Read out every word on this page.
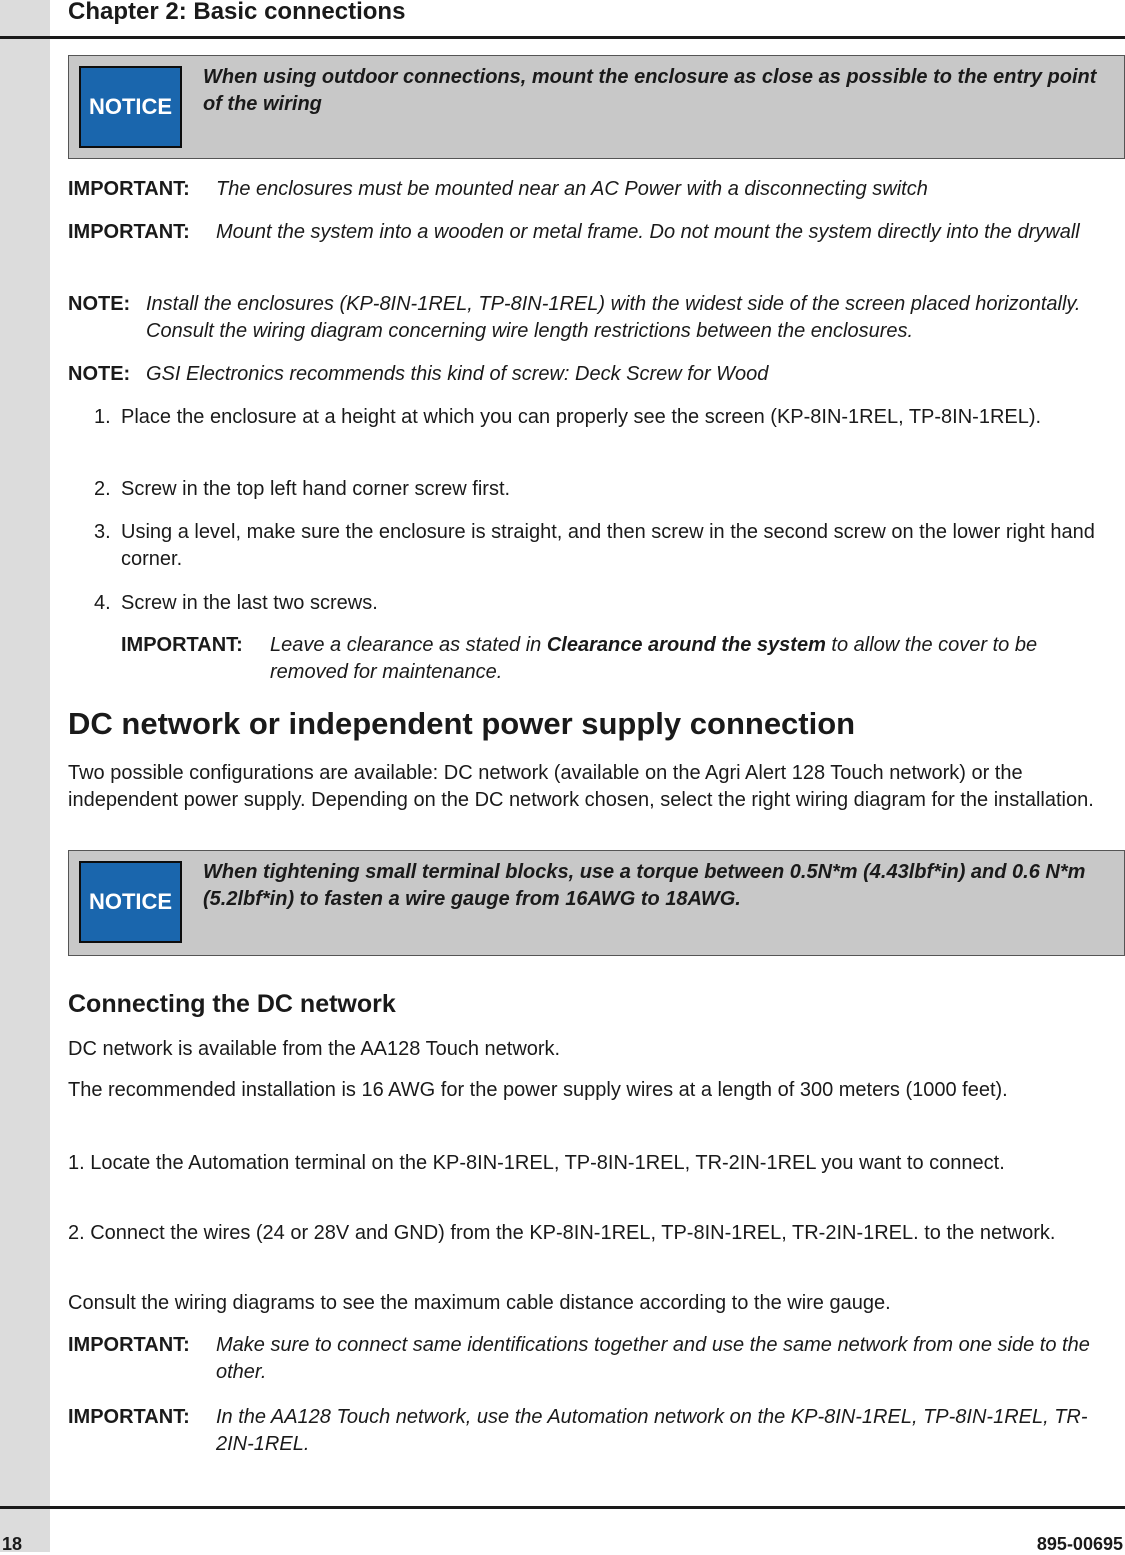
Chapter 2: Basic connections
NOTICE
When using outdoor connections, mount the enclosure as close as possible to the entry point of the wiring
IMPORTANT: The enclosures must be mounted near an AC Power with a disconnecting switch
IMPORTANT: Mount the system into a wooden or metal frame. Do not mount the system directly into the drywall
NOTE: Install the enclosures (KP-8IN-1REL, TP-8IN-1REL) with the widest side of the screen placed horizontally. Consult the wiring diagram concerning wire length restrictions between the enclosures.
NOTE: GSI Electronics recommends this kind of screw: Deck Screw for Wood
1. Place the enclosure at a height at which you can properly see the screen (KP-8IN-1REL, TP-8IN-1REL).
2. Screw in the top left hand corner screw first.
3. Using a level, make sure the enclosure is straight, and then screw in the second screw on the lower right hand corner.
4. Screw in the last two screws.
IMPORTANT: Leave a clearance as stated in Clearance around the system to allow the cover to be removed for maintenance.
DC network or independent power supply connection
Two possible configurations are available: DC network (available on the Agri Alert 128 Touch network) or the independent power supply. Depending on the DC network chosen, select the right wiring diagram for the installation.
NOTICE
When tightening small terminal blocks, use a torque between 0.5N*m (4.43lbf*in) and 0.6 N*m (5.2lbf*in) to fasten a wire gauge from 16AWG to 18AWG.
Connecting the DC network
DC network is available from the AA128 Touch network.
The recommended installation is 16 AWG for the power supply wires at a length of 300 meters (1000 feet).
1. Locate the Automation terminal on the KP-8IN-1REL, TP-8IN-1REL, TR-2IN-1REL you want to connect.
2. Connect the wires (24 or 28V and GND) from the KP-8IN-1REL, TP-8IN-1REL, TR-2IN-1REL. to the network.
Consult the wiring diagrams to see the maximum cable distance according to the wire gauge.
IMPORTANT: Make sure to connect same identifications together and use the same network from one side to the other.
IMPORTANT: In the AA128 Touch network, use the Automation network on the KP-8IN-1REL, TP-8IN-1REL, TR-2IN-1REL.
18	895-00695
